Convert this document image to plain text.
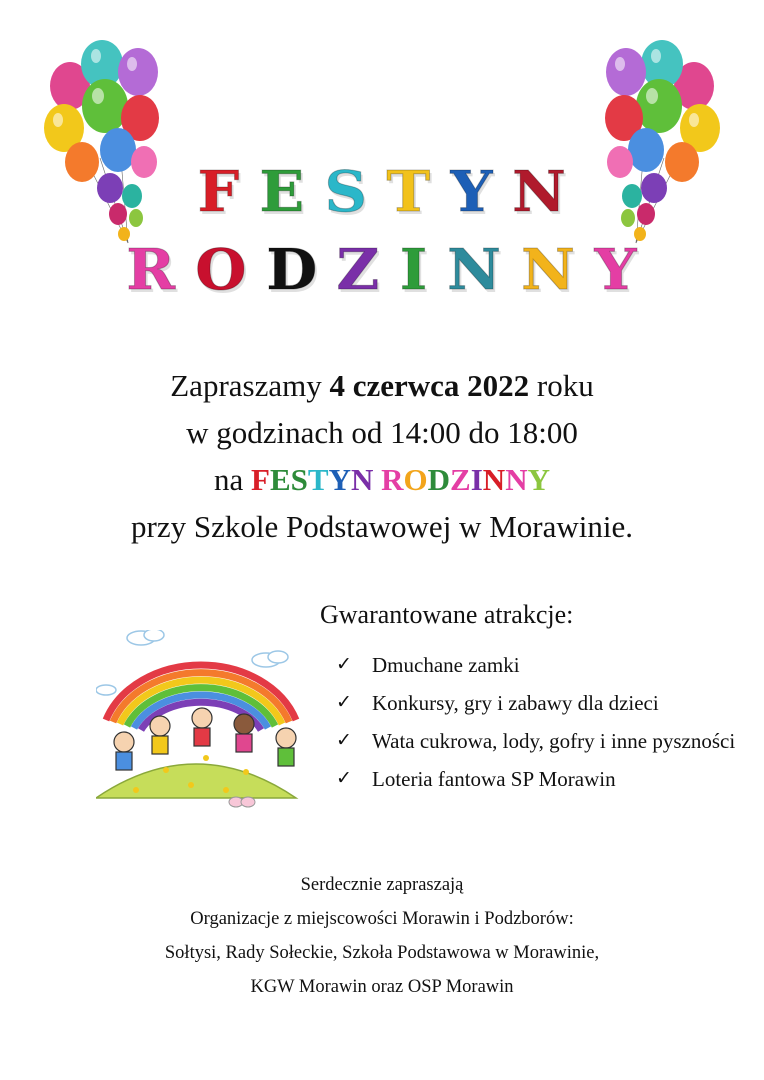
FESTYN
RODZINNY

Zapraszamy 4 czerwca 2022 roku

w godzinach od 14:00 do 18:00

na FESTYN RODZINNY

przy Szkole Podstawowej w Morawinie.

Gwarantowane atrakcje:
✓ Dmuchane zamki
✓ Konkursy, gry i zabawy dla dzieci
✓ Wata cukrowa, lody, gofry i inne pyszności
✓ Loteria fantowa SP Morawin

Serdecznie zapraszają

Organizacje z miejscowości Morawin i Podzborów:

Sołtysi, Rady Sołeckie, Szkoła Podstawowa w Morawinie,

KGW Morawin oraz OSP Morawin
